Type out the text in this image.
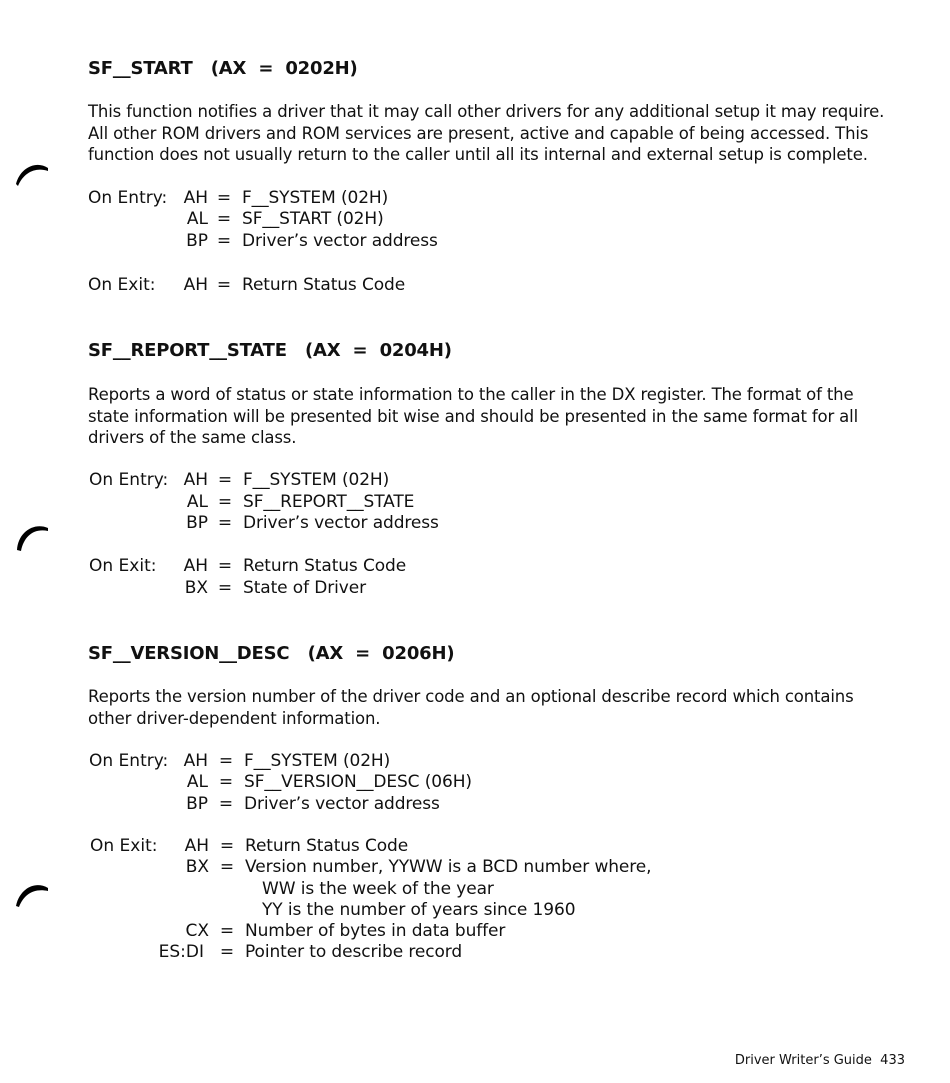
SF__START   (AX  =  0202H)
This function notifies a driver that it may call other drivers for any additional setup it may require.
All other ROM drivers and ROM services are present, active and capable of being accessed. This
function does not usually return to the caller until all its internal and external setup is complete.
On Entry: AH = F__SYSTEM (02H)
AL = SF__START (02H)
BP = Driver’s vector address
On Exit:	AH = Return Status Code
SF__REPORT__STATE   (AX  =  0204H)
Reports a word of status or state information to the caller in the DX register. The format of the
state information will be presented bit wise and should be presented in the same format for all
drivers of the same class.
On Entry: AH = F__SYSTEM (02H)
AL = SF__REPORT__STATE
BP = Driver’s vector address
On Exit:	AH = Return Status Code
BX = State of Driver
SF__VERSION__DESC   (AX  =  0206H)
Reports the version number of the driver code and an optional describe record which contains
other driver-dependent information.
On Entry: AH = F__SYSTEM (02H)
AL = SF__VERSION__DESC (06H)
BP = Driver’s vector address
On Exit:	AH = Return Status Code
BX = Version number, YYWW is a BCD number where,
WW is the week of the year
YY is the number of years since 1960
CX = Number of bytes in data buffer
ES:DI = Pointer to describe record

Driver Writer’s Guide 433
